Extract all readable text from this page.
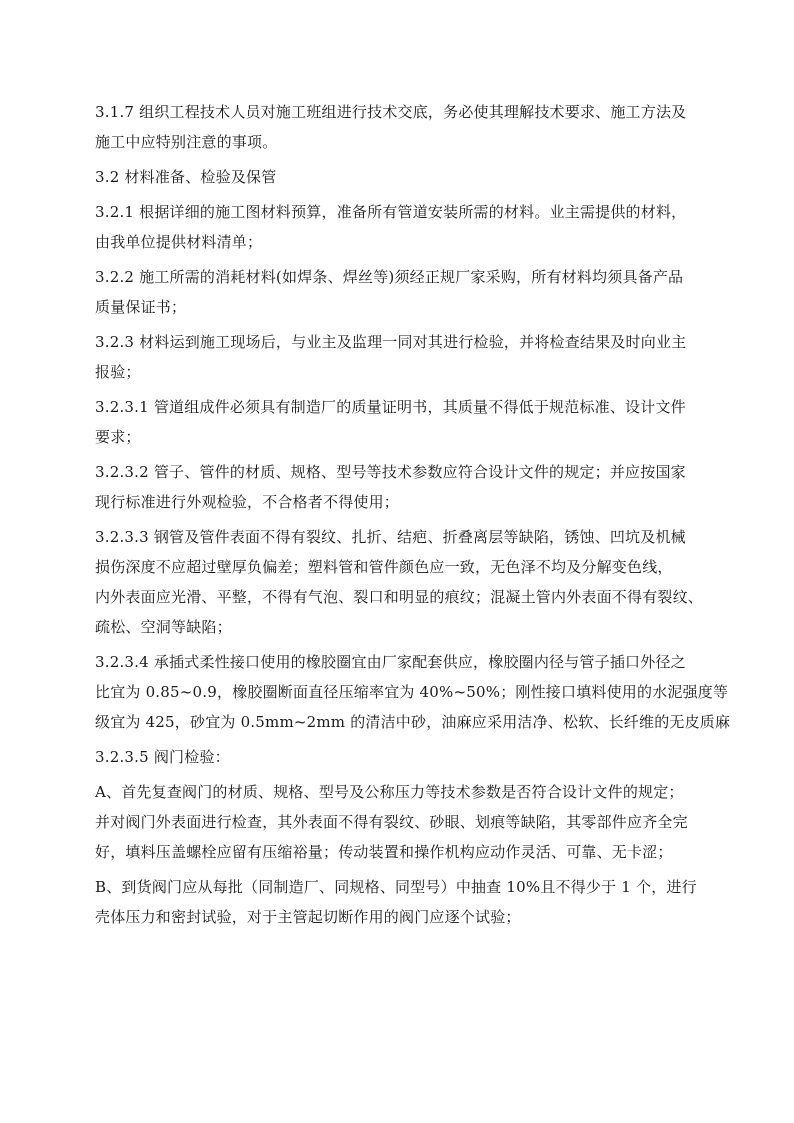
3.1.7 组织工程技术人员对施工班组进行技术交底，务必使其理解技术要求、施工方法及
施工中应特别注意的事项。

3.2 材料准备、检验及保管

3.2.1 根据详细的施工图材料预算，准备所有管道安装所需的材料。业主需提供的材料，
由我单位提供材料清单；

3.2.2 施工所需的消耗材料(如焊条、焊丝等)须经正规厂家采购，所有材料均须具备产品
质量保证书；

3.2.3 材料运到施工现场后，与业主及监理一同对其进行检验，并将检查结果及时向业主
报验；

3.2.3.1 管道组成件必须具有制造厂的质量证明书，其质量不得低于规范标准、设计文件
要求；

3.2.3.2 管子、管件的材质、规格、型号等技术参数应符合设计文件的规定；并应按国家
现行标准进行外观检验，不合格者不得使用；

3.2.3.3 钢管及管件表面不得有裂纹、扎折、结疤、折叠离层等缺陷，锈蚀、凹坑及机械
损伤深度不应超过壁厚负偏差；塑料管和管件颜色应一致，无色泽不均及分解变色线，
内外表面应光滑、平整，不得有气泡、裂口和明显的痕纹；混凝土管内外表面不得有裂纹、
疏松、空洞等缺陷；

3.2.3.4 承插式柔性接口使用的橡胶圈宜由厂家配套供应，橡胶圈内径与管子插口外径之
比宜为 0.85~0.9，橡胶圈断面直径压缩率宜为 40%~50%；刚性接口填料使用的水泥强度等
级宜为 425，砂宜为 0.5mm~2mm 的清洁中砂，油麻应采用洁净、松软、长纤维的无皮质麻

3.2.3.5 阀门检验：

A、首先复查阀门的材质、规格、型号及公称压力等技术参数是否符合设计文件的规定；
并对阀门外表面进行检查，其外表面不得有裂纹、砂眼、划痕等缺陷，其零部件应齐全完
好，填料压盖螺栓应留有压缩裕量；传动装置和操作机构应动作灵活、可靠、无卡涩；

B、到货阀门应从每批（同制造厂、同规格、同型号）中抽查 10%且不得少于 1 个，进行
壳体压力和密封试验，对于主管起切断作用的阀门应逐个试验；
